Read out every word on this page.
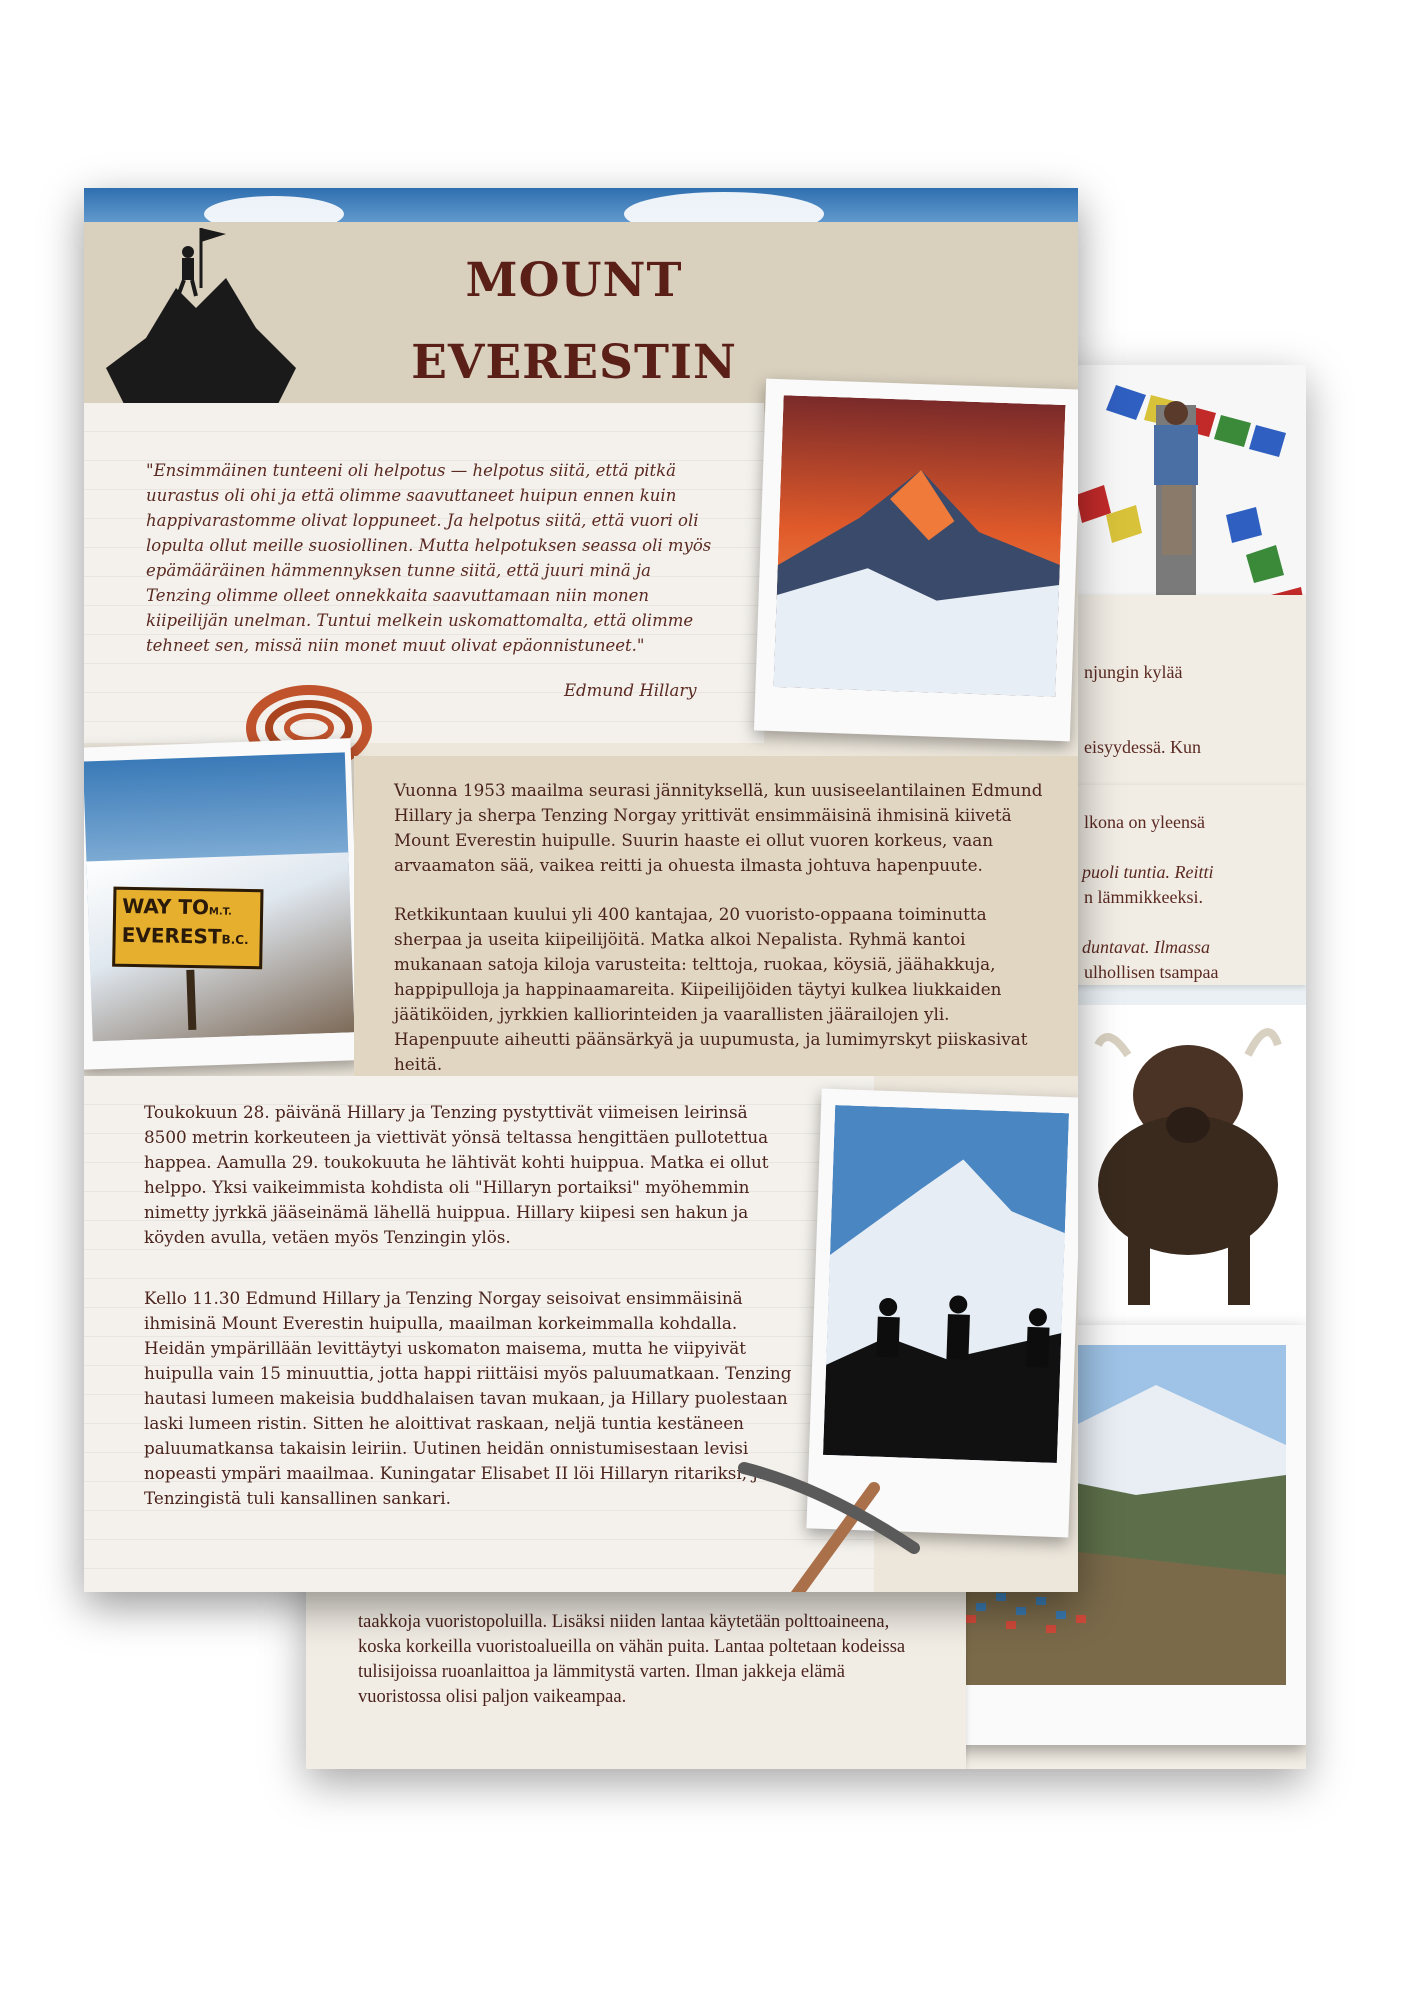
njungin kylää

eisyydessä. Kun

lkona on yleensä

n lämmikkeeksi.

ulhollisen tsampaa

puoli tuntia. Reitti

duntavat. Ilmassa

taakkoja vuoristopoluilla. Lisäksi niiden lantaa käytetään polttoaineena, koska korkeilla vuoristoalueilla on vähän puita. Lantaa poltetaan kodeissa tulisijoissa ruoanlaittoa ja lämmitystä varten. Ilman jakkeja elämä vuoristossa olisi paljon vaikeampaa.

MOUNT EVERESTIN

"Ensimmäinen tunteeni oli helpotus — helpotus siitä, että pitkä uurastus oli ohi ja että olimme saavuttaneet huipun ennen kuin happivarastomme olivat loppuneet. Ja helpotus siitä, että vuori oli lopulta ollut meille suosiollinen. Mutta helpotuksen seassa oli myös epämääräinen hämmennyksen tunne siitä, että juuri minä ja Tenzing olimme olleet onnekkaita saavuttamaan niin monen kiipeilijän unelman. Tuntui melkein uskomattomalta, että olimme tehneet sen, missä niin monet muut olivat epäonnistuneet."

Edmund Hillary
WAY TOM.T.
EVERESTB.C.

Vuonna 1953 maailma seurasi jännityksellä, kun uusiseelantilainen Edmund Hillary ja sherpa Tenzing Norgay yrittivät ensimmäisinä ihmisinä kiivetä Mount Everestin huipulle. Suurin haaste ei ollut vuoren korkeus, vaan arvaamaton sää, vaikea reitti ja ohuesta ilmasta johtuva hapenpuute.

Retkikuntaan kuului yli 400 kantajaa, 20 vuoristo-oppaana toiminutta sherpaa ja useita kiipeilijöitä. Matka alkoi Nepalista. Ryhmä kantoi mukanaan satoja kiloja varusteita: telttoja, ruokaa, köysiä, jäähakkuja, happipulloja ja happinaamareita. Kiipeilijöiden täytyi kulkea liukkaiden jäätiköiden, jyrkkien kalliorinteiden ja vaarallisten jäärailojen yli. Hapenpuute aiheutti päänsärkyä ja uupumusta, ja lumimyrskyt piiskasivat heitä.

Toukokuun 28. päivänä Hillary ja Tenzing pystyttivät viimeisen leirinsä 8500 metrin korkeuteen ja viettivät yönsä teltassa hengittäen pullotettua happea. Aamulla 29. toukokuuta he lähtivät kohti huippua. Matka ei ollut helppo. Yksi vaikeimmista kohdista oli "Hillaryn portaiksi" myöhemmin nimetty jyrkkä jääseinämä lähellä huippua. Hillary kiipesi sen hakun ja köyden avulla, vetäen myös Tenzingin ylös.

Kello 11.30 Edmund Hillary ja Tenzing Norgay seisoivat ensimmäisinä ihmisinä Mount Everestin huipulla, maailman korkeimmalla kohdalla. Heidän ympärillään levittäytyi uskomaton maisema, mutta he viipyivät huipulla vain 15 minuuttia, jotta happi riittäisi myös paluumatkaan. Tenzing hautasi lumeen makeisia buddhalaisen tavan mukaan, ja Hillary puolestaan laski lumeen ristin. Sitten he aloittivat raskaan, neljä tuntia kestäneen paluumatkansa takaisin leiriin. Uutinen heidän onnistumisestaan levisi nopeasti ympäri maailmaa. Kuningatar Elisabet II löi Hillaryn ritariksi, ja Tenzingistä tuli kansallinen sankari.
